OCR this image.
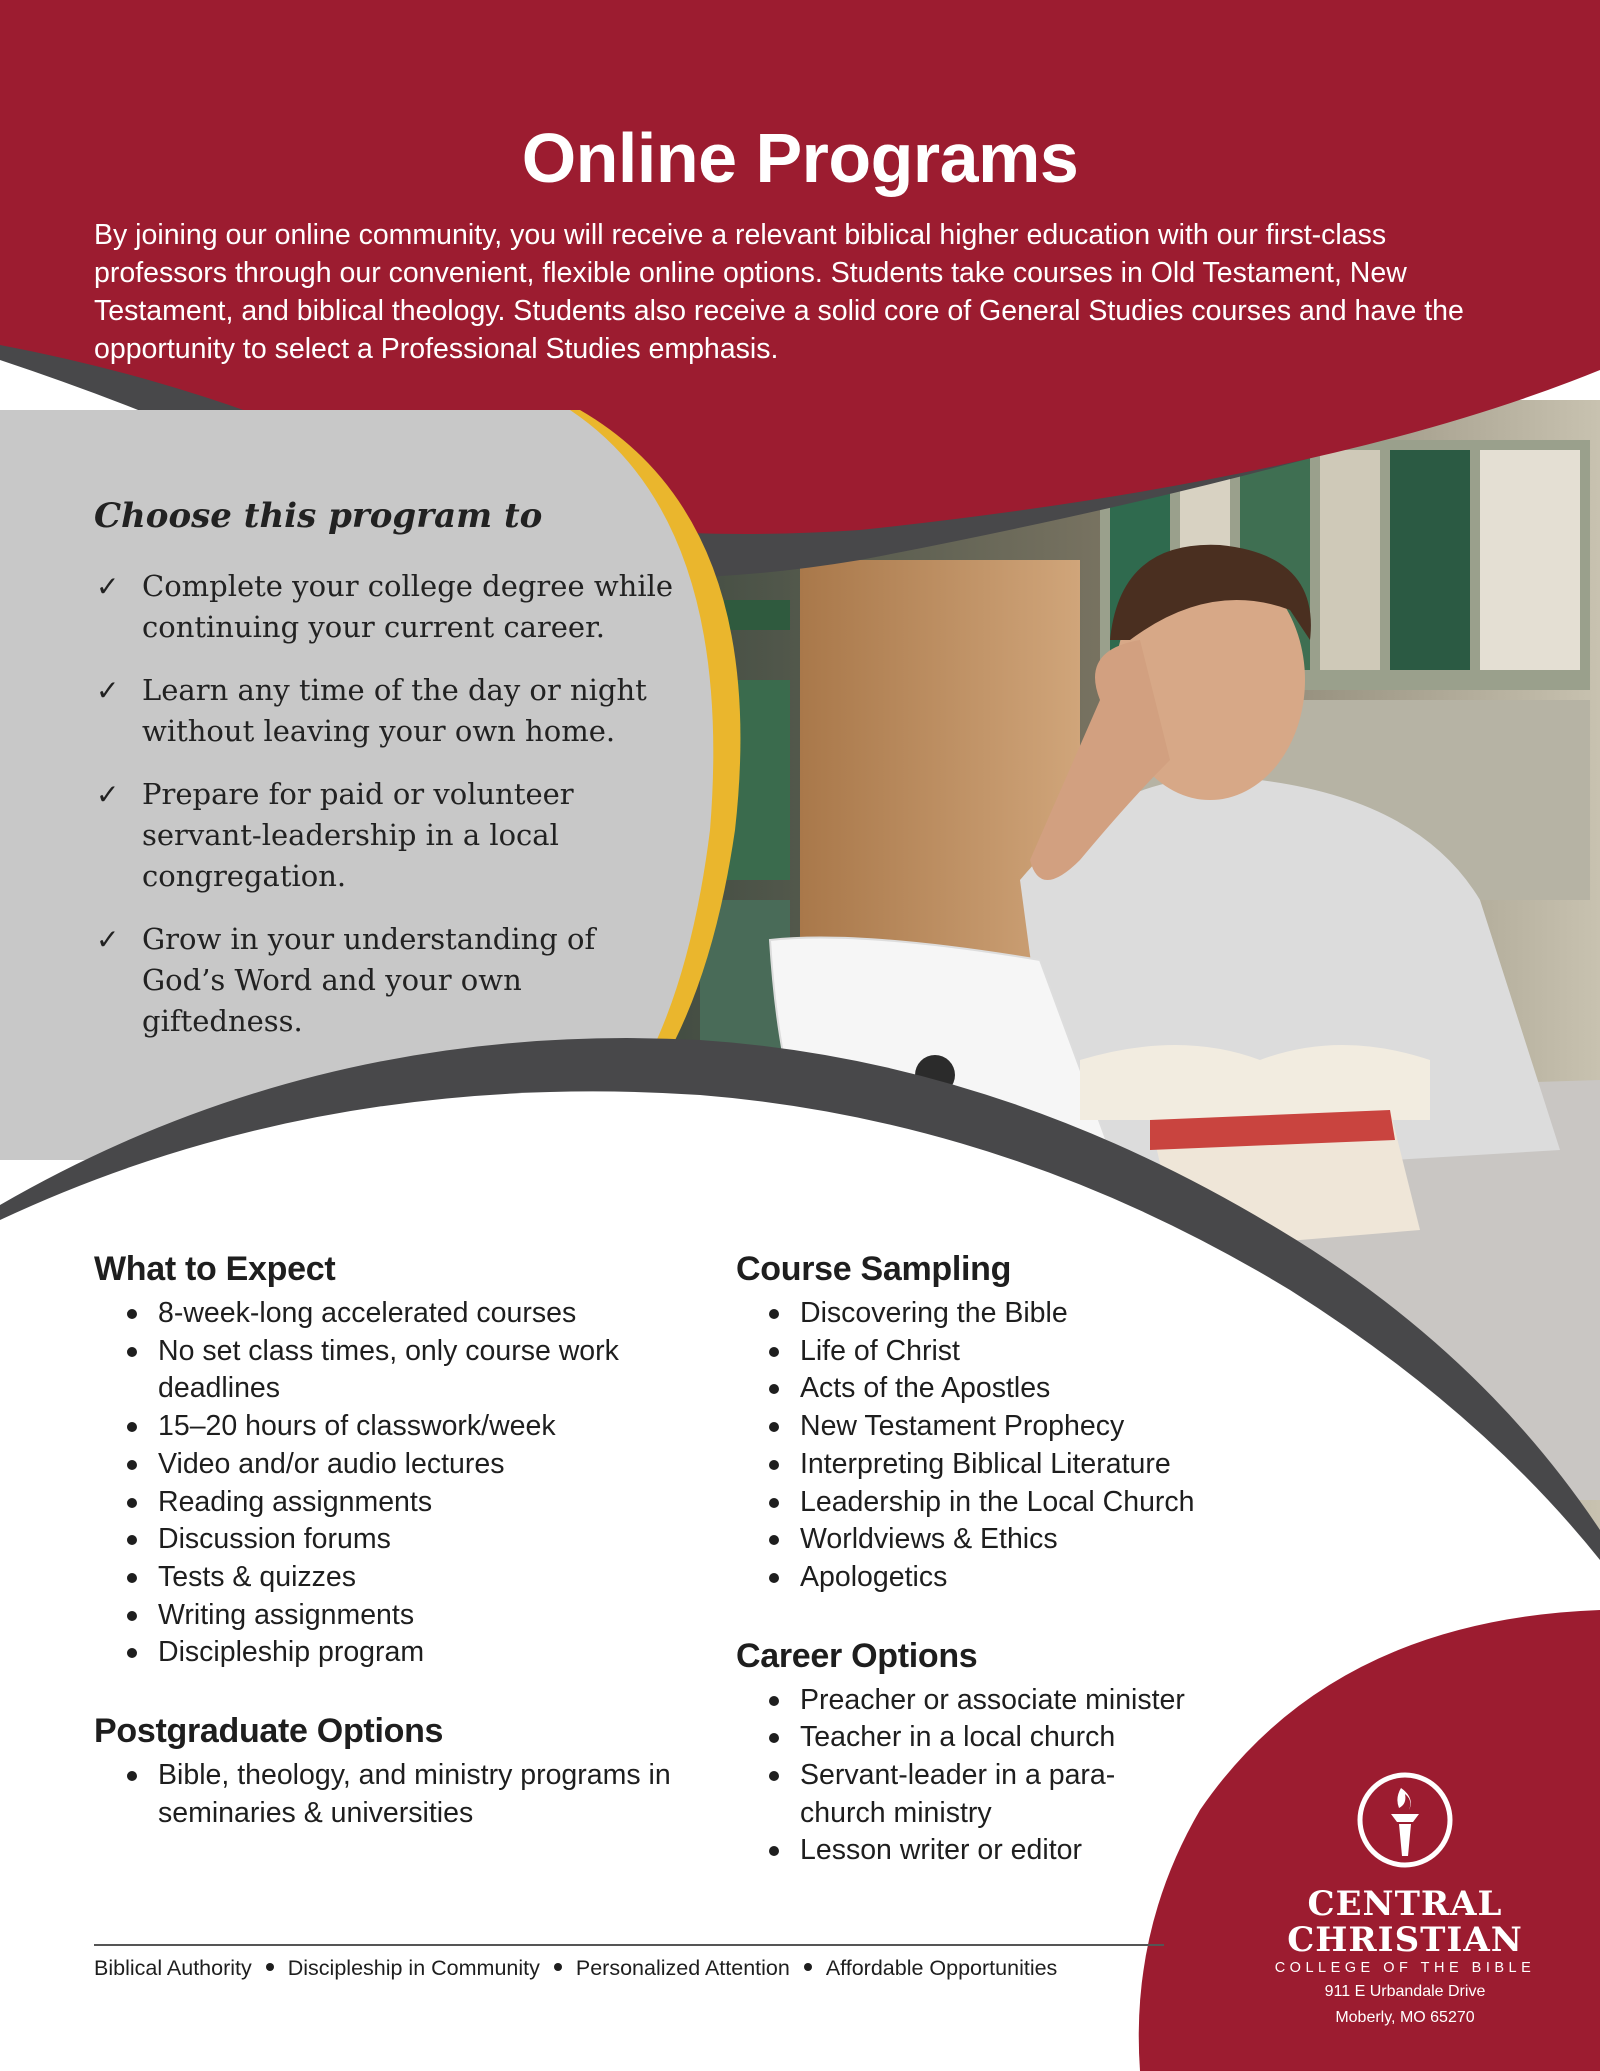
Online Programs

By joining our online community, you will receive a relevant biblical higher education with our first-class professors through our convenient, flexible online options. Students take courses in Old Testament, New Testament, and biblical theology. Students also receive a solid core of General Studies courses and have the opportunity to select a Professional Studies emphasis.

Choose this program to
✓ Complete your college degree while continuing your current career.
✓ Learn any time of the day or night without leaving your own home.
✓ Prepare for paid or volunteer servant-leadership in a local congregation.
✓ Grow in your understanding of God’s Word and your own giftedness.
What to Expect
8-week-long accelerated courses
No set class times, only course work deadlines
15–20 hours of classwork/week
Video and/or audio lectures
Reading assignments
Discussion forums
Tests & quizzes
Writing assignments
Discipleship program
Postgraduate Options
Bible, theology, and ministry programs in seminaries & universities
Course Sampling
Discovering the Bible
Life of Christ
Acts of the Apostles
New Testament Prophecy
Interpreting Biblical Literature
Leadership in the Local Church
Worldviews & Ethics
Apologetics
Career Options
Preacher or associate minister
Teacher in a local church
Servant-leader in a para-church ministry
Lesson writer or editor
Biblical Authority Discipleship in Community Personalized Attention Affordable Opportunities
CENTRAL
CHRISTIAN
COLLEGE OF THE BIBLE
911 E Urbandale Drive
Moberly, MO 65270
